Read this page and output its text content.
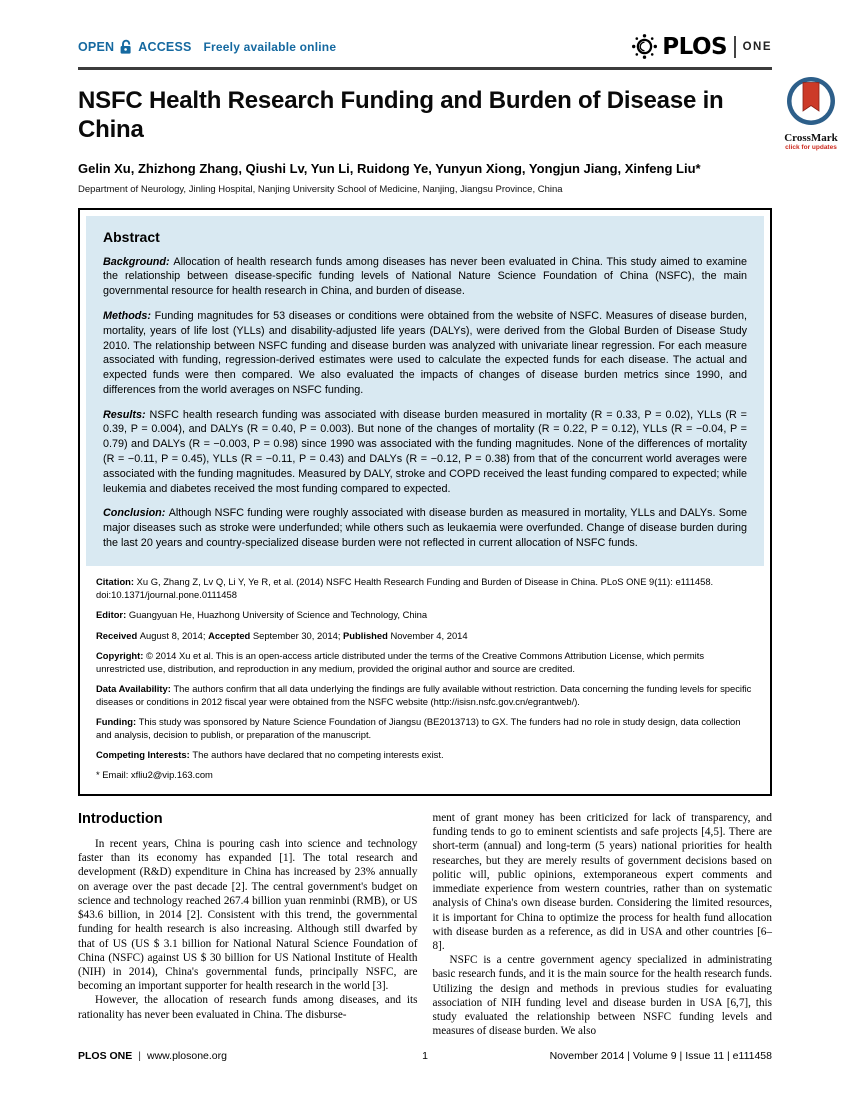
OPEN ACCESS Freely available online	PLOS ONE
NSFC Health Research Funding and Burden of Disease in China
Gelin Xu, Zhizhong Zhang, Qiushi Lv, Yun Li, Ruidong Ye, Yunyun Xiong, Yongjun Jiang, Xinfeng Liu*
Department of Neurology, Jinling Hospital, Nanjing University School of Medicine, Nanjing, Jiangsu Province, China
Abstract

Background: Allocation of health research funds among diseases has never been evaluated in China. This study aimed to examine the relationship between disease-specific funding levels of National Nature Science Foundation of China (NSFC), the main governmental resource for health research in China, and burden of disease.

Methods: Funding magnitudes for 53 diseases or conditions were obtained from the website of NSFC. Measures of disease burden, mortality, years of life lost (YLLs) and disability-adjusted life years (DALYs), were derived from the Global Burden of Disease Study 2010. The relationship between NSFC funding and disease burden was analyzed with univariate linear regression. For each measure associated with funding, regression-derived estimates were used to calculate the expected funds for each disease. The actual and expected funds were then compared. We also evaluated the impacts of changes of disease burden metrics since 1990, and differences from the world averages on NSFC funding.

Results: NSFC health research funding was associated with disease burden measured in mortality (R = 0.33, P = 0.02), YLLs (R = 0.39, P = 0.004), and DALYs (R = 0.40, P = 0.003). But none of the changes of mortality (R = 0.22, P = 0.12), YLLs (R = −0.04, P = 0.79) and DALYs (R = −0.003, P = 0.98) since 1990 was associated with the funding magnitudes. None of the differences of mortality (R = −0.11, P = 0.45), YLLs (R = −0.11, P = 0.43) and DALYs (R = −0.12, P = 0.38) from that of the concurrent world averages were associated with the funding magnitudes. Measured by DALY, stroke and COPD received the least funding compared to expected; while leukemia and diabetes received the most funding compared to expected.

Conclusion: Although NSFC funding were roughly associated with disease burden as measured in mortality, YLLs and DALYs. Some major diseases such as stroke were underfunded; while others such as leukaemia were overfunded. Change of disease burden during the last 20 years and country-specialized disease burden were not reflected in current allocation of NSFC funds.

Citation: Xu G, Zhang Z, Lv Q, Li Y, Ye R, et al. (2014) NSFC Health Research Funding and Burden of Disease in China. PLoS ONE 9(11): e111458. doi:10.1371/journal.pone.0111458

Editor: Guangyuan He, Huazhong University of Science and Technology, China

Received August 8, 2014; Accepted September 30, 2014; Published November 4, 2014

Copyright: © 2014 Xu et al. This is an open-access article distributed under the terms of the Creative Commons Attribution License, which permits unrestricted use, distribution, and reproduction in any medium, provided the original author and source are credited.

Data Availability: The authors confirm that all data underlying the findings are fully available without restriction. Data concerning the funding levels for specific diseases or conditions in 2012 fiscal year were obtained from the NSFC website (http://isisn.nsfc.gov.cn/egrantweb/).

Funding: This study was sponsored by Nature Science Foundation of Jiangsu (BE2013713) to GX. The funders had no role in study design, data collection and analysis, decision to publish, or preparation of the manuscript.

Competing Interests: The authors have declared that no competing interests exist.

* Email: xfliu2@vip.163.com

Introduction

In recent years, China is pouring cash into science and technology faster than its economy has expanded [1]. The total research and development (R&D) expenditure in China has increased by 23% annually on average over the past decade [2]. The central government's budget on science and technology reached 267.4 billion yuan renminbi (RMB), or US $43.6 billion, in 2014 [2]. Consistent with this trend, the governmental funding for health research is also increasing. Although still dwarfed by that of US (US $ 3.1 billion for National Natural Science Foundation of China (NSFC) against US $ 30 billion for US National Institute of Health (NIH) in 2014), China's governmental funds, principally NSFC, are becoming an important supporter for health research in the world [3].

However, the allocation of research funds among diseases, and its rationality has never been evaluated in China. The disburse-

ment of grant money has been criticized for lack of transparency, and funding tends to go to eminent scientists and safe projects [4,5]. There are short-term (annual) and long-term (5 years) national priorities for health researches, but they are merely results of government decisions based on politic will, public opinions, extemporaneous expert comments and immediate experience from western countries, rather than on systematic analysis of China's own disease burden. Considering the limited resources, it is important for China to optimize the process for health fund allocation with disease burden as a reference, as did in USA and other countries [6–8].

NSFC is a centre government agency specialized in administrating basic research funds, and it is the main source for the health research funds. Utilizing the design and methods in previous studies for evaluating association of NIH funding level and disease burden in USA [6,7], this study evaluated the relationship between NSFC funding levels and measures of disease burden. We also

CrossMark
click for updates
PLOS ONE | www.plosone.org	1	November 2014 | Volume 9 | Issue 11 | e111458
